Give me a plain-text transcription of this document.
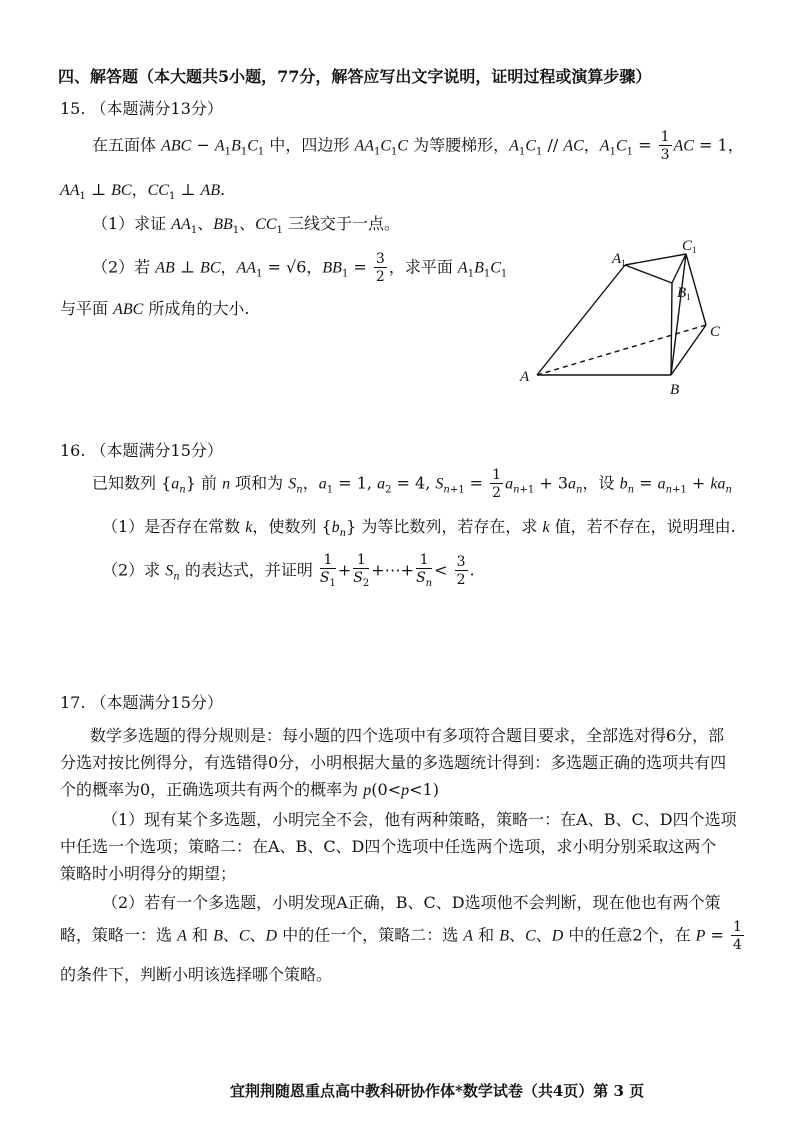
四、解答题（本大题共5小题，77分，解答应写出文字说明，证明过程或演算步骤）
15. （本题满分13分）
在五面体 ABC − $A_1B_1C_1$ 中，四边形 $AA_1C_1C$ 为等腰梯形，$A_1C_1$ // AC，$A_1C_1 = \frac{1}{3}$ AC = 1，
$AA_1$ ⊥ BC，$CC_1$ ⊥ AB.
（1）求证 $AA_1$、$BB_1$、$CC_1$ 三线交于一点。
（2）若 AB ⊥ BC，$AA_1 = √6$，$BB_1 = \frac{3}{2}$ ，求平面 $A_1B_1C_1$
与平面 ABC 所成角的大小.
$A_1$
$C_1$
$B_1$
C
A
B
16. （本题满分15分）
已知数列 $\{a_n\}$ 前 n 项和为 $S_n$，$a_1 = 1$, $a_2 = 4$, $S_{n+1} = \frac{1}{2} a_{n+1} + 3a_n$，设 $b_n = a_{n+1} + ka_n$
（1）是否存在常数 k，使数列 $\{b_n\}$ 为等比数列，若存在，求 k 值，若不存在，说明理由.
（2）求 $S_n$ 的表达式，并证明 $\frac{1}{S_1} + \frac{1}{S_2}$ +⋯+ $\frac{1}{S_n} < \frac{3}{2}$ .
17. （本题满分15分）
数学多选题的得分规则是：每小题的四个选项中有多项符合题目要求，全部选对得6分，部
分选对按比例得分，有选错得0分，小明根据大量的多选题统计得到：多选题正确的选项共有四
个的概率为0，正确选项共有两个的概率为 p(0<p<1)
（1）现有某个多选题，小明完全不会，他有两种策略，策略一：在A、B、C、D四个选项
中任选一个选项；策略二：在A、B、C、D四个选项中任选两个选项，求小明分别采取这两个
策略时小明得分的期望；
（2）若有一个多选题，小明发现A正确，B、C、D选项他不会判断，现在他也有两个策
略，策略一：选 A 和 B、C、D 中的任一个，策略二：选 A 和 B、C、D 中的任意2个，在 $P = \frac{1}{4}$
的条件下，判断小明该选择哪个策略。
宜荆荆随恩重点高中教科研协作体*数学试卷（共4页）第 3 页
